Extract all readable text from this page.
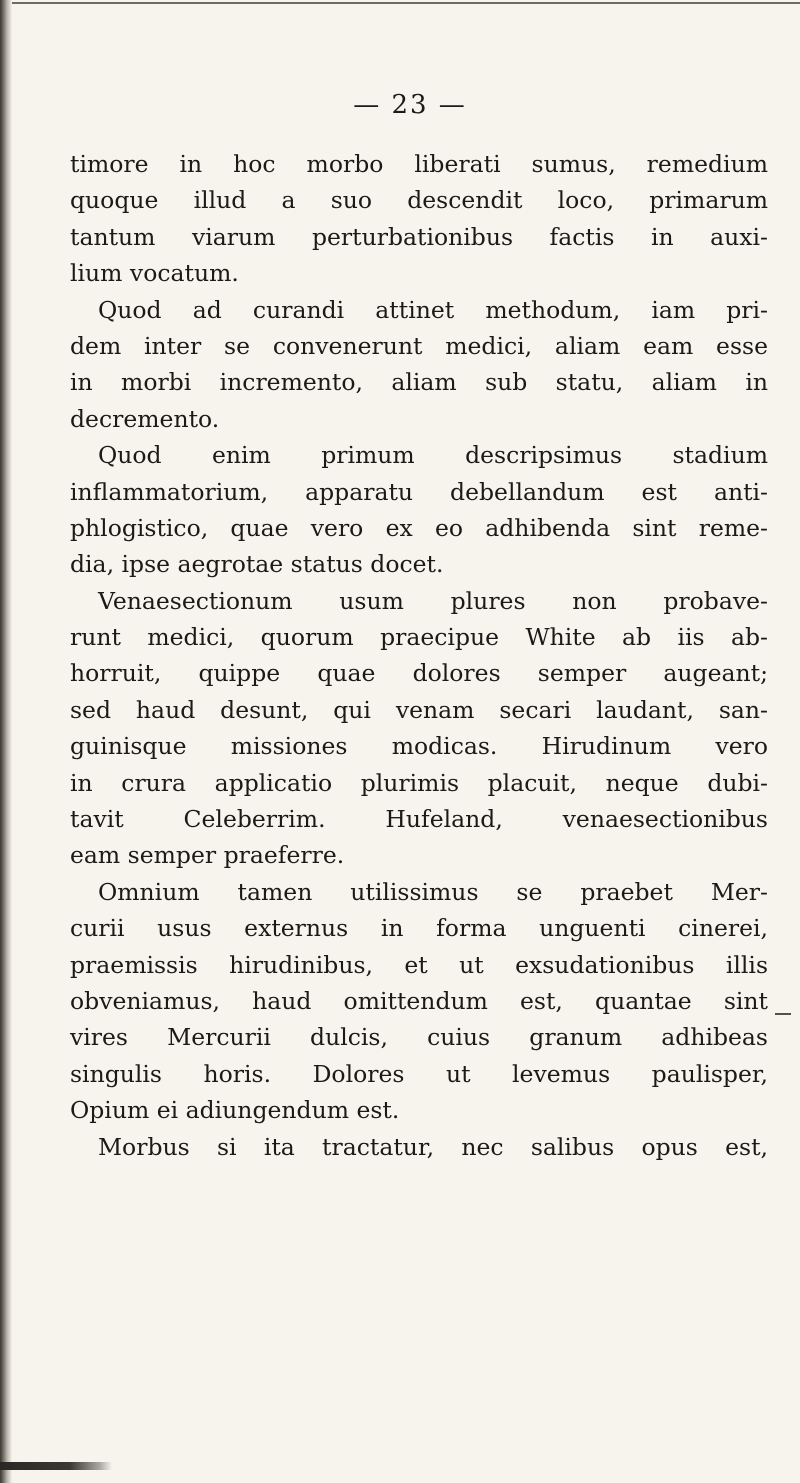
— 23 —
timore in hoc morbo liberati sumus, remedium
quoque illud a suo descendit loco, primarum
tantum viarum perturbationibus factis in auxi-
lium vocatum.
Quod ad curandi attinet methodum, iam pri-
dem inter se convenerunt medici, aliam eam esse
in morbi incremento, aliam sub statu, aliam in
decremento.
Quod enim primum descripsimus stadium
inflammatorium, apparatu debellandum est anti-
phlogistico, quae vero ex eo adhibenda sint reme-
dia, ipse aegrotae status docet.
Venaesectionum usum plures non probave-
runt medici, quorum praecipue White ab iis ab-
horruit, quippe quae dolores semper augeant;
sed haud desunt, qui venam secari laudant, san-
guinisque missiones modicas. Hirudinum vero
in crura applicatio plurimis placuit, neque dubi-
tavit Celeberrim. Hufeland, venaesectionibus
eam semper praeferre.
Omnium tamen utilissimus se praebet Mer-
curii usus externus in forma unguenti cinerei,
praemissis hirudinibus, et ut exsudationibus illis
obveniamus, haud omittendum est, quantae sint
vires Mercurii dulcis, cuius granum adhibeas
singulis horis. Dolores ut levemus paulisper,
Opium ei adiungendum est.
Morbus si ita tractatur, nec salibus opus est,
